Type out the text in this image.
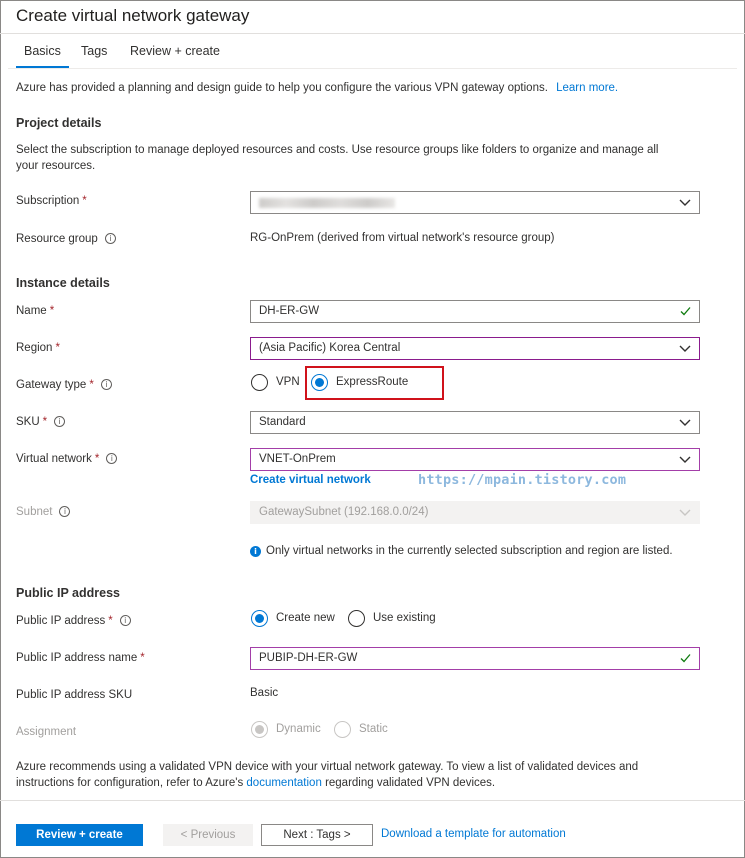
Create virtual network gateway
Basics Tags Review + create
Azure has provided a planning and design guide to help you configure the various VPN gateway options. Learn more.
Project details
Select the subscription to manage deployed resources and costs. Use resource groups like folders to organize and manage all
your resources.
Subscription *
Resource group i	RG-OnPrem (derived from virtual network's resource group)
Instance details
Name *	DH-ER-GW
Region *	(Asia Pacific) Korea Central
Gateway type * i	VPN	ExpressRoute
SKU * i	Standard
Virtual network * i	VNET-OnPrem
Create virtual network	https://mpain.tistory.com
Subnet i	GatewaySubnet (192.168.0.0/24)
i Only virtual networks in the currently selected subscription and region are listed.
Public IP address
Public IP address * i	Create new	Use existing
Public IP address name *	PUBIP-DH-ER-GW
Public IP address SKU	Basic
Assignment	Dynamic	Static
Azure recommends using a validated VPN device with your virtual network gateway. To view a list of validated devices and
instructions for configuration, refer to Azure's documentation regarding validated VPN devices.
Review + create	< Previous	Next : Tags >	Download a template for automation
